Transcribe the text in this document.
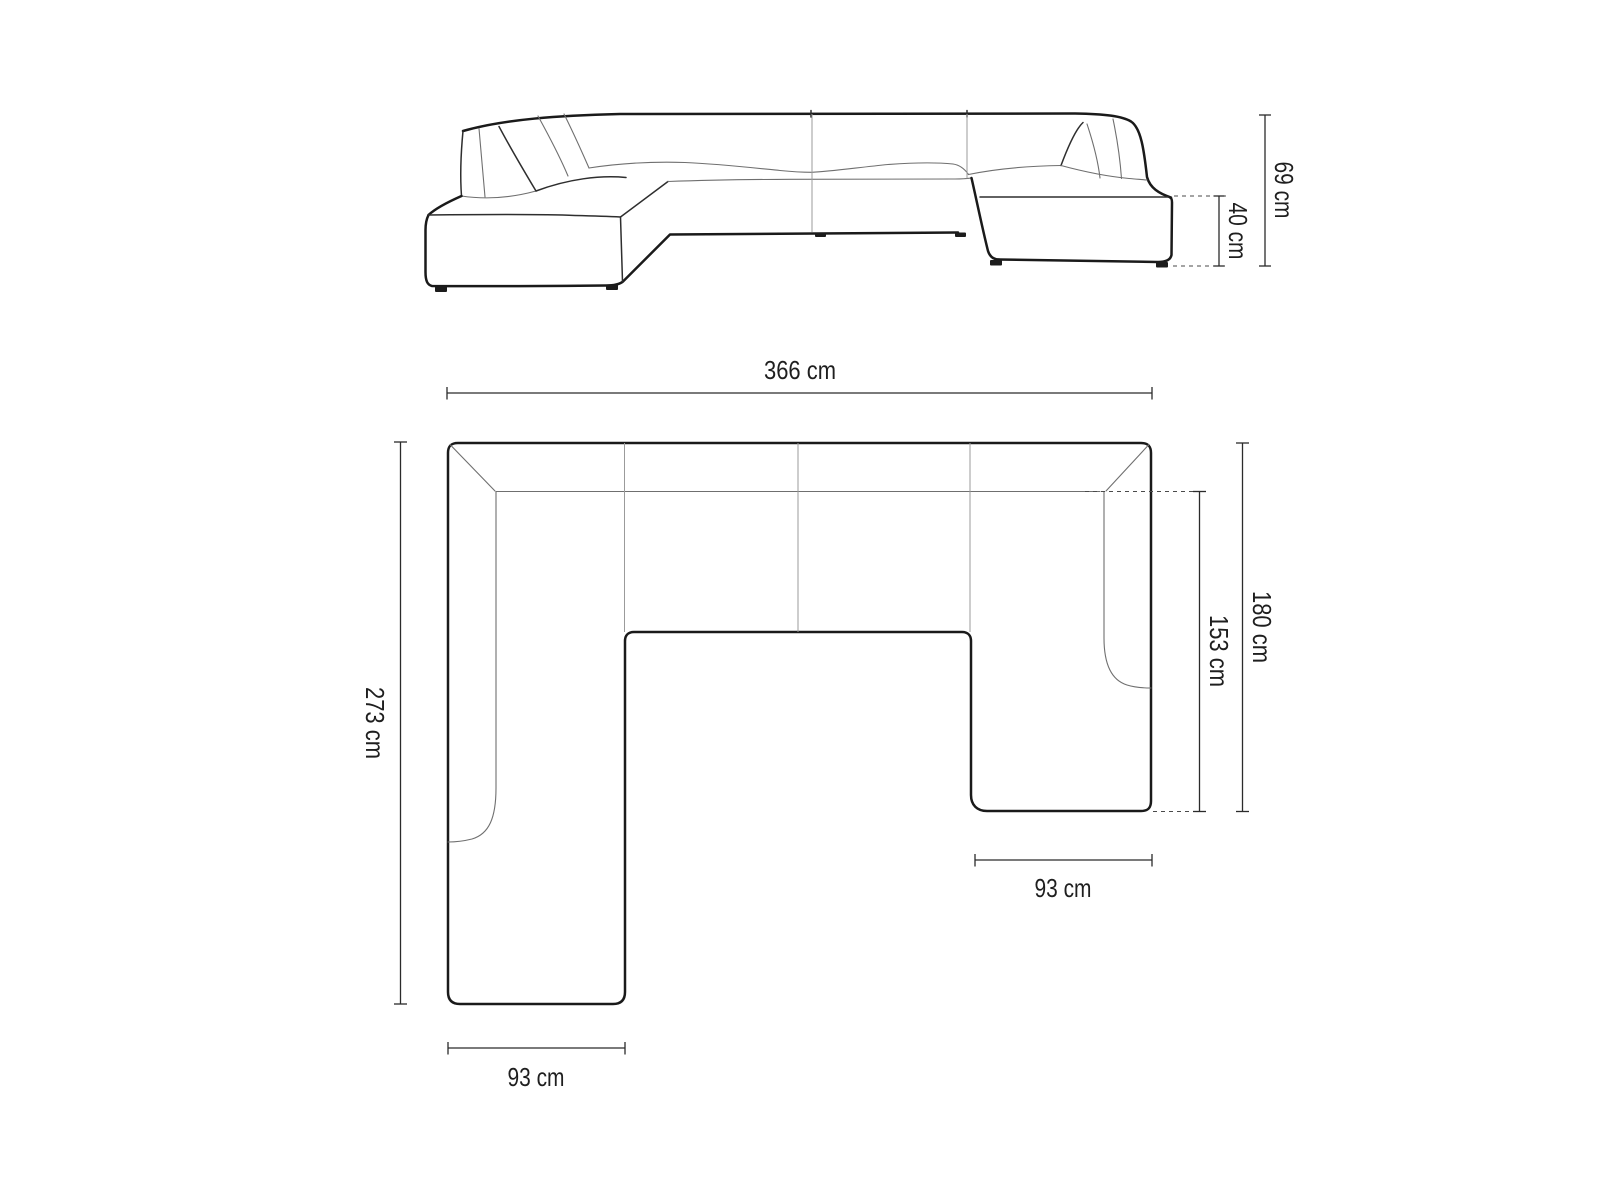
40 cm
69 cm
366 cm
273 cm
153 cm 180 cm
93 cm
93 cm
